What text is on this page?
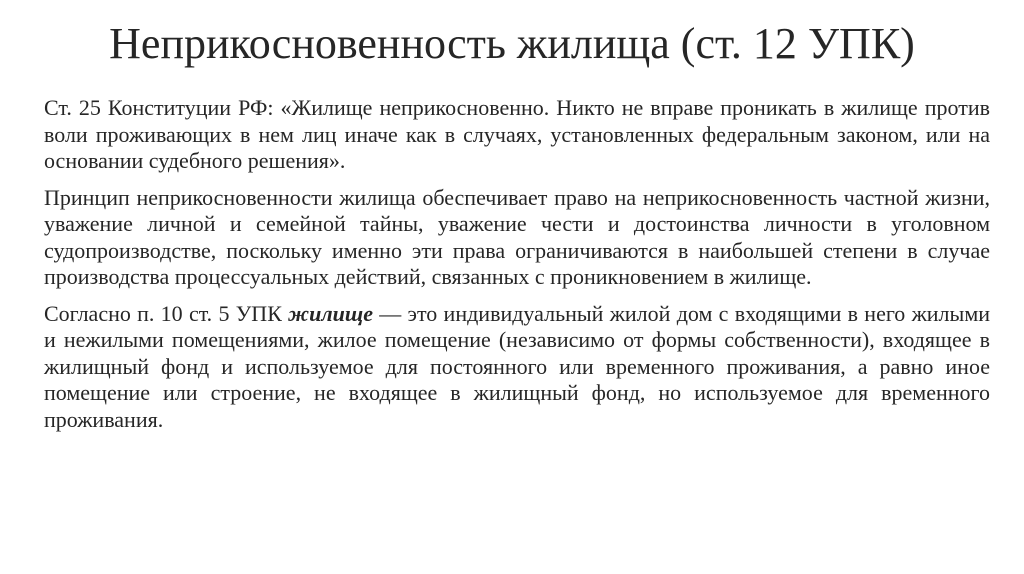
Неприкосновенность жилища (ст. 12 УПК)

Ст. 25 Конституции РФ: «Жилище неприкосновенно. Никто не вправе проникать в жилище против воли проживающих в нем лиц иначе как в случаях, установленных федеральным законом, или на основании судебного решения».

Принцип неприкосновенности жилища обеспечивает право на неприкосновенность частной жизни, уважение личной и семейной тайны, уважение чести и достоинства личности в уголовном судопроизводстве, поскольку именно эти права ограничиваются в наибольшей степени в случае производства процессуальных действий, связанных с проникновением в жилище.

Согласно п. 10 ст. 5 УПК жилище — это индивидуальный жилой дом с входящими в него жилыми и нежилыми помещениями, жилое помещение (независимо от формы собственности), входящее в жилищный фонд и используемое для постоянного или временного проживания, а равно иное помещение или строение, не входящее в жилищный фонд, но используемое для временного проживания.
